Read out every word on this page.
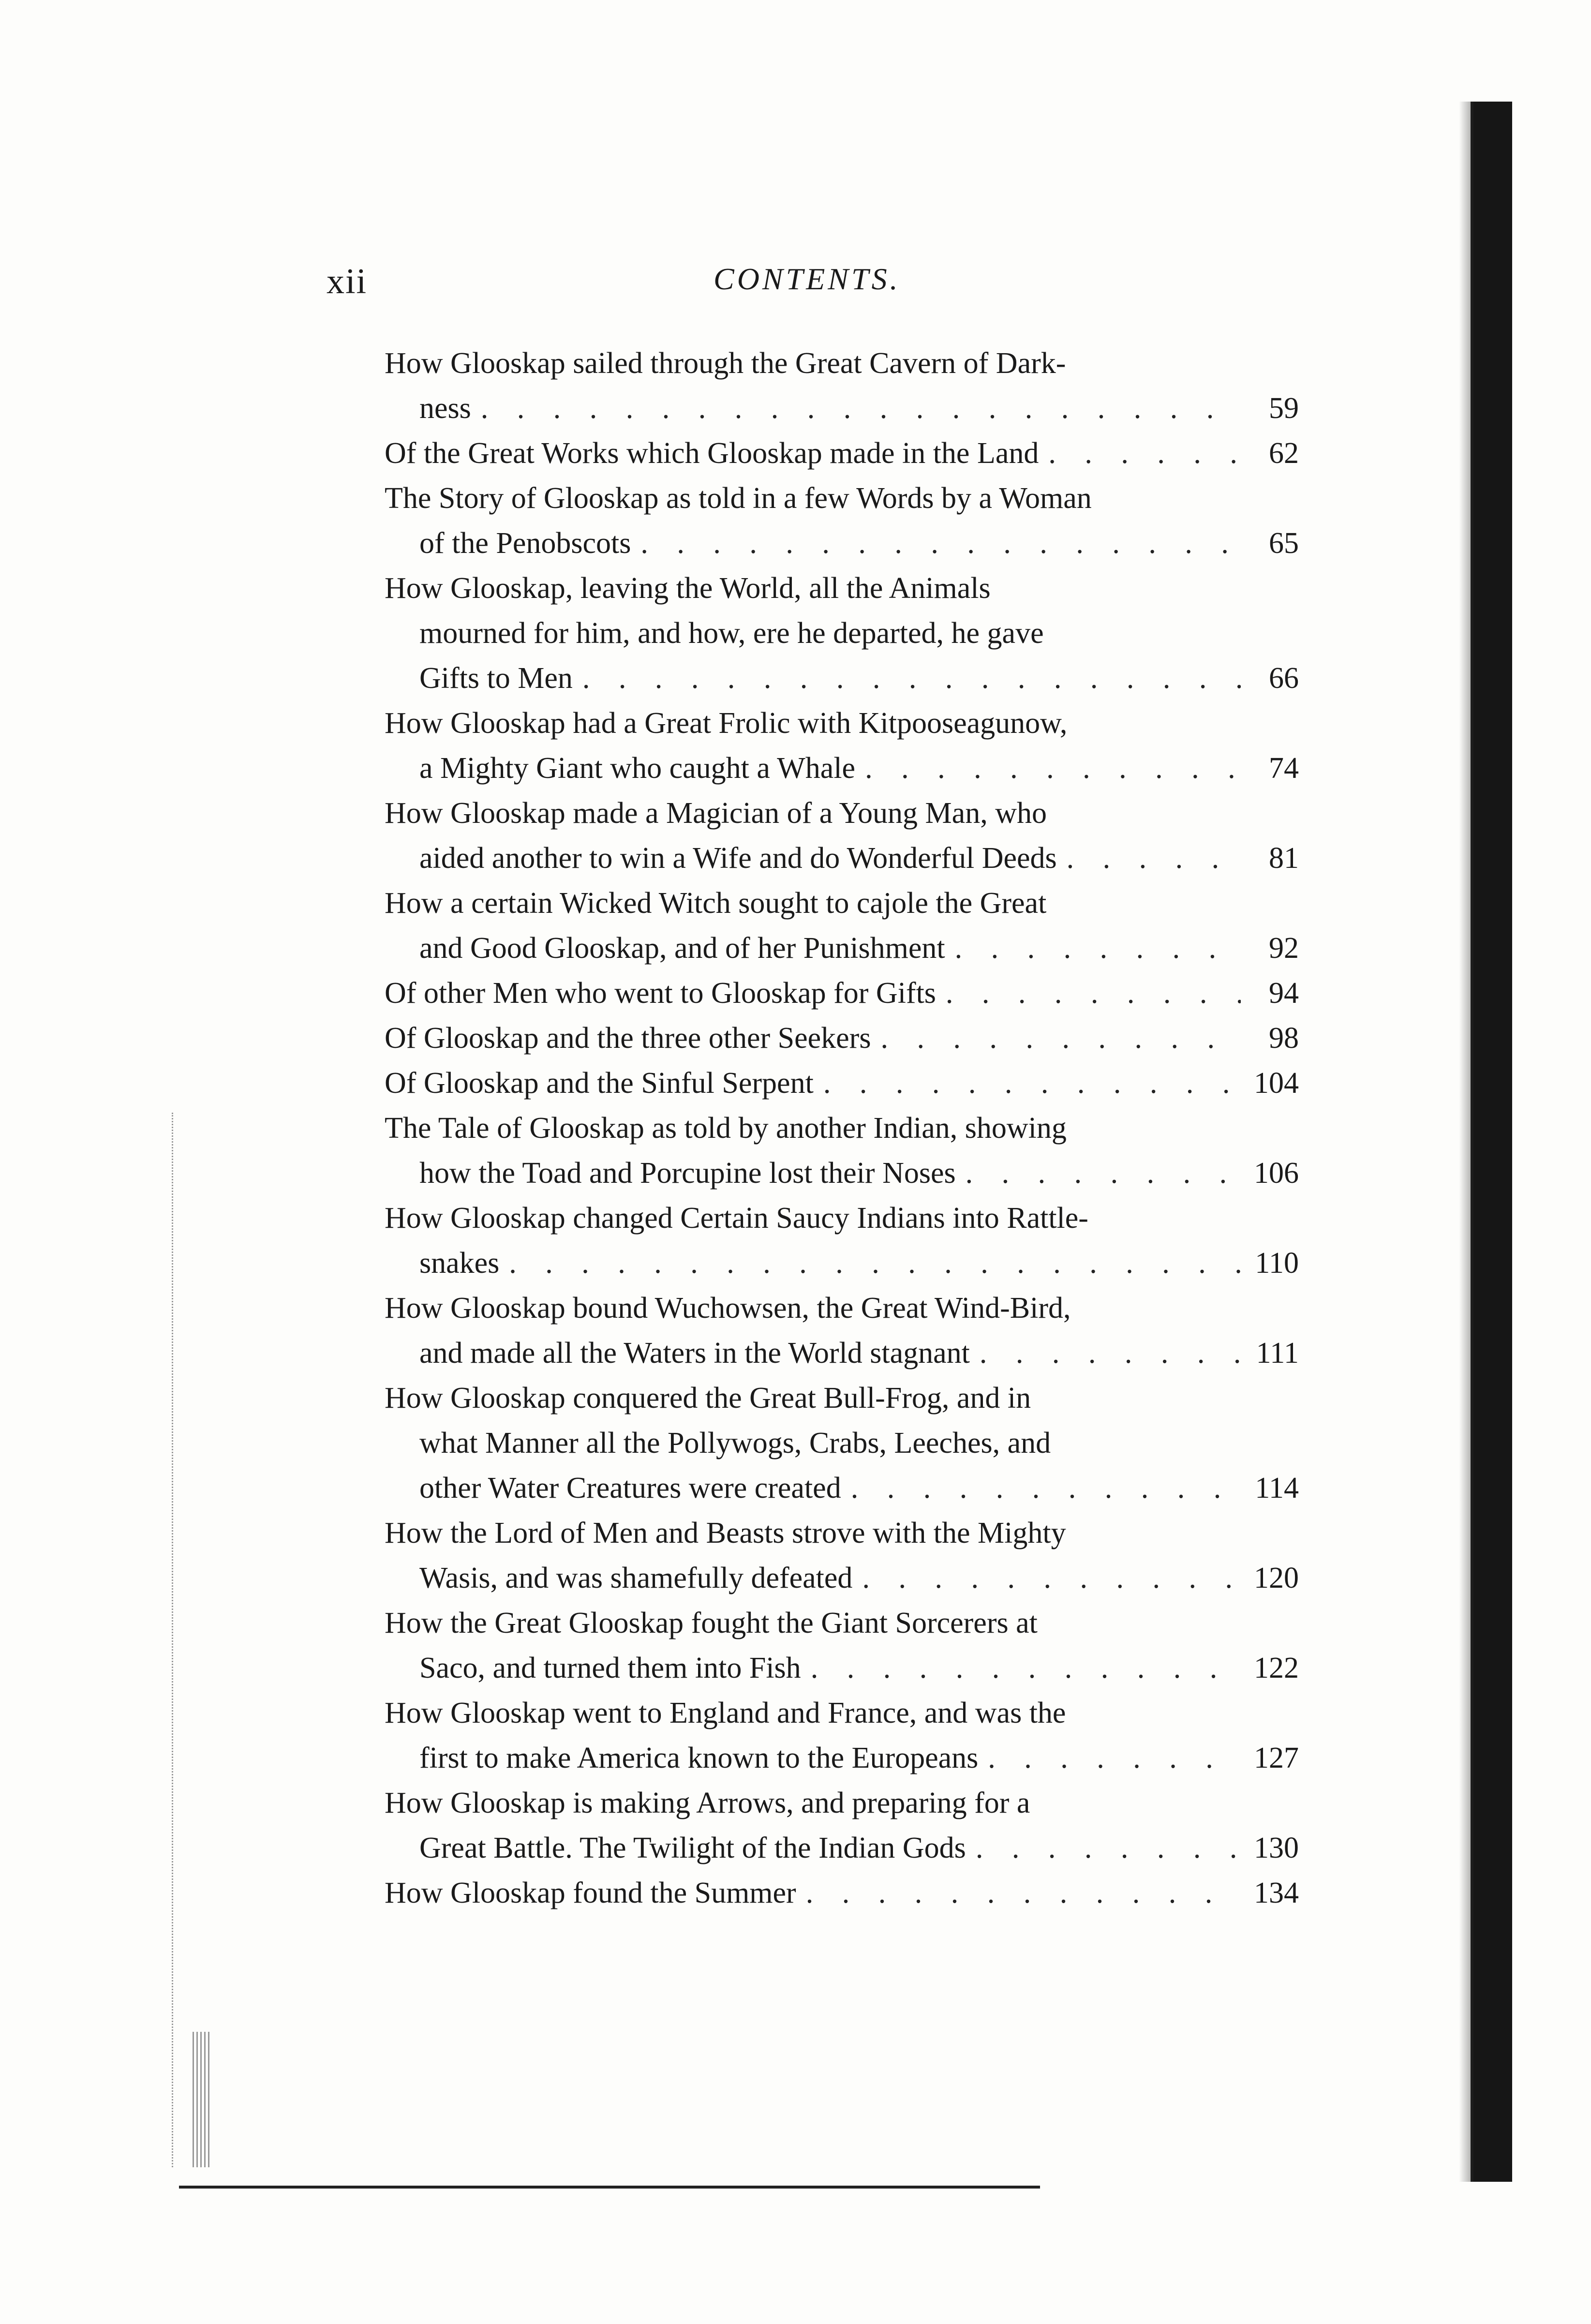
xii	CONTENTS.
How Glooskap sailed through the Great Cavern of Dark-
ness . . .	59
Of the Great Works which Glooskap made in the Land . . .	62
The Story of Glooskap as told in a few Words by a Woman
of the Penobscots . . .	65
How Glooskap, leaving the World, all the Animals
mourned for him, and how, ere he departed, he gave
Gifts to Men . . .	66
How Glooskap had a Great Frolic with Kitpooseagunow,
a Mighty Giant who caught a Whale . . .	74
How Glooskap made a Magician of a Young Man, who
aided another to win a Wife and do Wonderful Deeds . . .	81
How a certain Wicked Witch sought to cajole the Great
and Good Glooskap, and of her Punishment . . .	92
Of other Men who went to Glooskap for Gifts . . .	94
Of Glooskap and the three other Seekers . . .	98
Of Glooskap and the Sinful Serpent . . .	104
The Tale of Glooskap as told by another Indian, showing
how the Toad and Porcupine lost their Noses . . .	106
How Glooskap changed Certain Saucy Indians into Rattle-
snakes . . .	110
How Glooskap bound Wuchowsen, the Great Wind-Bird,
and made all the Waters in the World stagnant . . .	111
How Glooskap conquered the Great Bull-Frog, and in
what Manner all the Pollywogs, Crabs, Leeches, and
other Water Creatures were created . . .	114
How the Lord of Men and Beasts strove with the Mighty
Wasis, and was shamefully defeated . . .	120
How the Great Glooskap fought the Giant Sorcerers at
Saco, and turned them into Fish . . .	122
How Glooskap went to England and France, and was the
first to make America known to the Europeans . . .	127
How Glooskap is making Arrows, and preparing for a
Great Battle. The Twilight of the Indian Gods . . .	130
How Glooskap found the Summer . . .	134
